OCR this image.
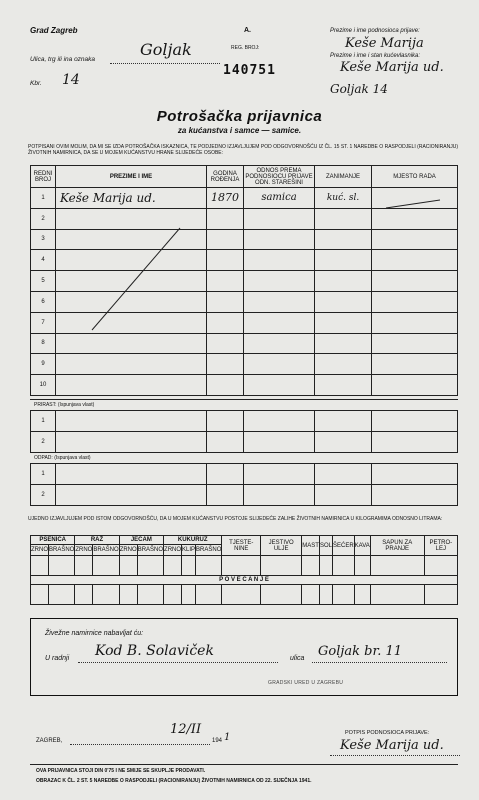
Grad Zagreb
Ulica, trg ili ina oznaka
Goljak
Kbr. 14
A.
REG. BROJ:
140751
Prezime i ime podnosioca prijave:
Keše Marija
Prezime i ime i stan kućevlasnika:
Keše Marija ud.
Goljak 14
Potrošačka prijavnica
za kućanstva i samce — samice.
POTPISANI OVIM MOLIM, DA MI SE IZDA POTROŠAČKA ISKAZNICA, TE PODJEDNO IZJAVLJUJEM POD ODGOVORNOŠĆU IZ ČL. 15 ST. 1 NAREDBE O RASPODJELI (RACIONIRANJU) ŽIVOTNIH NAMIRNICA, DA SE U MOJEM KUĆANSTVU HRANE SLIJEDEĆE OSOBE:
REDNI BROJ	PREZIME I IME	GODINA ROĐENJA	ODNOS PREMA PODNOSIOCU PRIJAVE ODN. STAREŠINI	ZANIMANJE	MJESTO RADA
1	Keše Marija ud.	1870	samica	kuć. sl.	
2					
3					
4					
5					
6					
7					
8					
9					
10					
PRIRAST: (Ispunjava vlast)
1					
2					
ODPAD: (Ispunjava vlast)
1					
2					
UJEDNO IZJAVLJUJEM POD ISTOM ODGOVORNOŠĆU, DA U MOJEM KUĆANSTVU POSTOJE SLIJEDEĆE ZALIHE ŽIVOTNIH NAMIRNICA U KILOGRAMIMA ODNOSNO LITRAMA:
PŠENICA		RAŽ		JEČAM		KUKURUZ			TJESTE-NINE	JESTIVO ULJE	MAST	SOL	ŠEĆER	KAVA	SAPUN ZA PRANJE	PETRO-LEJ
ZRNO	BRAŠNO	ZRNO	BRAŠNO	ZRNO	BRAŠNO	ZRNO	KLIP	BRAŠNO								

P O V E Ć A N J E																

Živežne namirnice nabavljat ću:
U radnji Kod B. Solaviček	ulica Goljak br. 11
GRADSKI URED U ZAGREBU
ZAGREB,
12/II
194 1	POTPIS PODNOSIOCA PRIJAVE:
Keše Marija ud.
OVA PRIJAVNICA STOJI DIN 0'75 I NE SMIJE SE SKUPLJE PRODAVATI.
OBRAZAC K ČL. 2 ST. 5 NAREDBE O RASPODJELI (RACIONIRANJU) ŽIVOTNIH NAMIRNICA OD 22. SIJEČNJA 1941.
